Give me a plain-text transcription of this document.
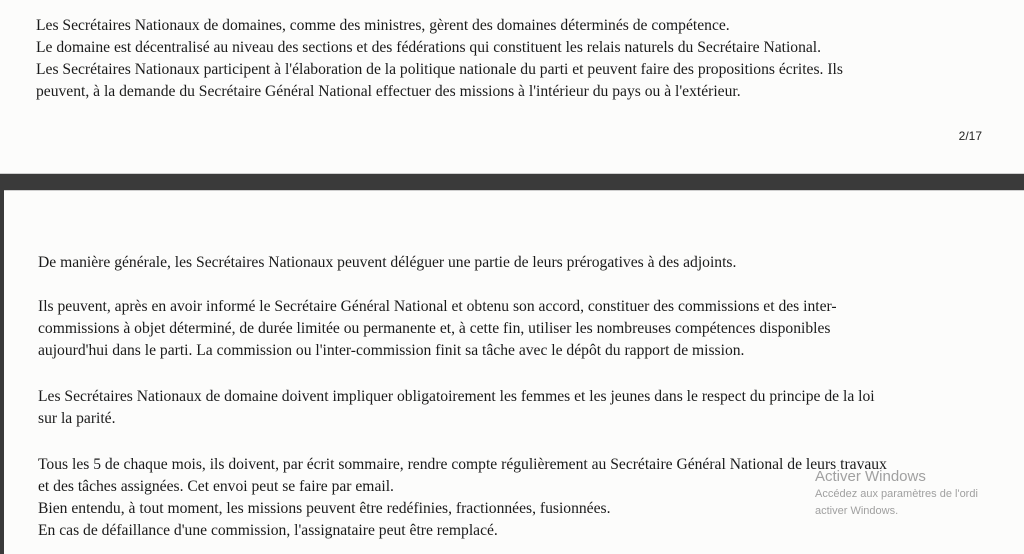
Les Secrétaires Nationaux de domaines, comme des ministres, gèrent des domaines déterminés de compétence.
Le domaine est décentralisé au niveau des sections et des fédérations qui constituent les relais naturels du Secrétaire National.
Les Secrétaires Nationaux participent à l'élaboration de la politique nationale du parti et peuvent faire des propositions écrites. Ils
peuvent, à la demande du Secrétaire Général National effectuer des missions à l'intérieur du pays ou à l'extérieur.

2/17

De manière générale, les Secrétaires Nationaux peuvent déléguer une partie de leurs prérogatives à des adjoints.

Ils peuvent, après en avoir informé le Secrétaire Général National et obtenu son accord, constituer des commissions et des inter-
commissions à objet déterminé, de durée limitée ou permanente et, à cette fin, utiliser les nombreuses compétences disponibles
aujourd'hui dans le parti. La commission ou l'inter-commission finit sa tâche avec le dépôt du rapport de mission.

Les Secrétaires Nationaux de domaine doivent impliquer obligatoirement les femmes et les jeunes dans le respect du principe de la loi
sur la parité.

Tous les 5 de chaque mois, ils doivent, par écrit sommaire, rendre compte régulièrement au Secrétaire Général National de leurs travaux
et des tâches assignées. Cet envoi peut se faire par email.
Bien entendu, à tout moment, les missions peuvent être redéfinies, fractionnées, fusionnées.
En cas de défaillance d'une commission, l'assignataire peut être remplacé.

Activer Windows
Accédez aux paramètres de l'ordi
activer Windows.
